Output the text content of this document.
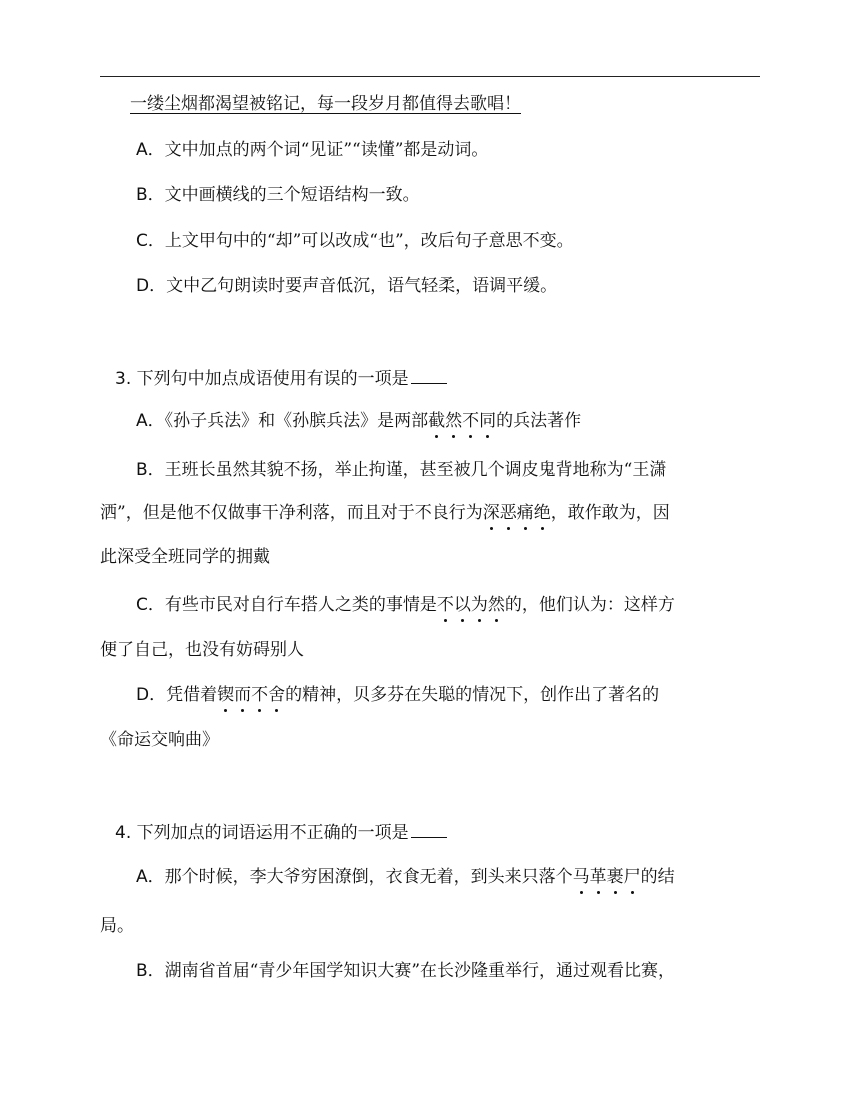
一缕尘烟都渴望被铭记，每一段岁月都值得去歌唱！
A．文中加点的两个词“见证”“读懂”都是动词。
B．文中画横线的三个短语结构一致。
C．上文甲句中的“却”可以改成“也”，改后句子意思不变。
D．文中乙句朗读时要声音低沉，语气轻柔，语调平缓。
3. 下列句中加点成语使用有误的一项是
A．《孙子兵法》和《孙膑兵法》是两部截然不同的兵法著作
B．王班长虽然其貌不扬，举止拘谨，甚至被几个调皮鬼背地称为“王潇
洒”，但是他不仅做事干净利落，而且对于不良行为深恶痛绝，敢作敢为，因
此深受全班同学的拥戴
C．有些市民对自行车搭人之类的事情是不以为然的，他们认为：这样方
便了自己，也没有妨碍别人
D．凭借着锲而不舍的精神，贝多芬在失聪的情况下，创作出了著名的
《命运交响曲》
4. 下列加点的词语运用不正确的一项是
A．那个时候，李大爷穷困潦倒，衣食无着，到头来只落个马革裹尸的结
局。
B．湖南省首届“青少年国学知识大赛”在长沙隆重举行，通过观看比赛，
